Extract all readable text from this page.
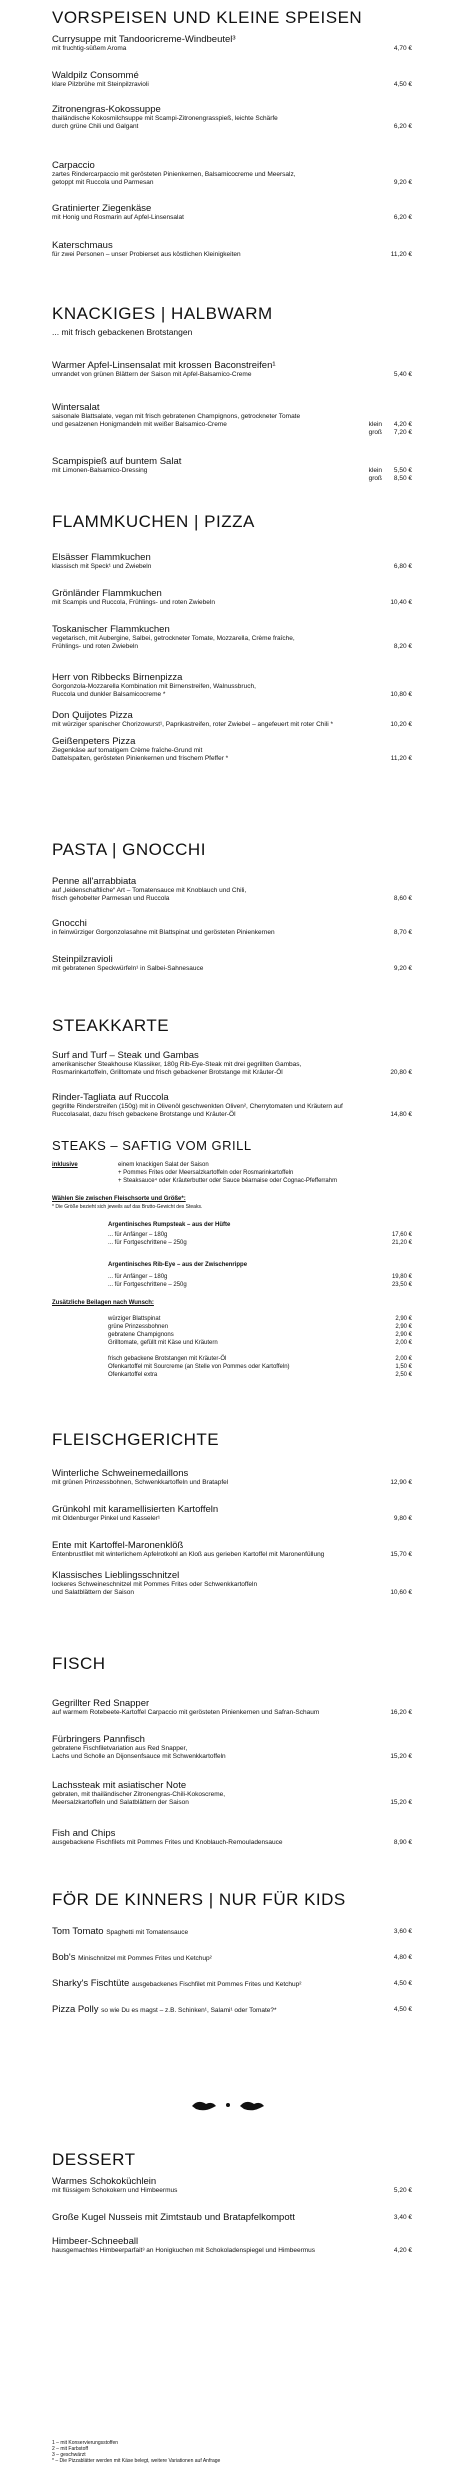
VORSPEISEN UND KLEINE SPEISEN
Currysuppe mit Tandooricreme-Windbeutel³
mit fruchtig-süßem Aroma	4,70 €
Waldpilz Consommé
klare Pilzbrühe mit Steinpilzravioli	4,50 €
Zitronengras-Kokossuppe
thailändische Kokosmilchsuppe mit Scampi-Zitronengrasspieß, leichte Schärfe
durch grüne Chili und Galgant	6,20 €
Carpaccio
zartes Rindercarpaccio mit gerösteten Pinienkernen, Balsamicocreme und Meersalz,
getoppt mit Ruccola und Parmesan	9,20 €
Gratinierter Ziegenkäse
mit Honig und Rosmarin auf Apfel-Linsensalat	6,20 €
Katerschmaus
für zwei Personen – unser Probierset aus köstlichen Kleinigkeiten	11,20 €
KNACKIGES | HALBWARM
... mit frisch gebackenen Brotstangen
Warmer Apfel-Linsensalat mit krossen Baconstreifen¹
umrandet von grünen Blättern der Saison mit Apfel-Balsamico-Creme	5,40 €
Wintersalat
saisonale Blattsalate, vegan mit frisch gebratenen Champignons, getrockneter Tomate
und gesalzenen Honigmandeln mit weißer Balsamico-Creme	klein 4,20 €
groß 7,20 €
Scampispieß auf buntem Salat
mit Limonen-Balsamico-Dressing	klein 5,50 €
groß 8,50 €
FLAMMKUCHEN | PIZZA
Elsässer Flammkuchen
klassisch mit Speck¹ und Zwiebeln	6,80 €
Grönländer Flammkuchen
mit Scampis und Ruccola, Frühlings- und roten Zwiebeln	10,40 €
Toskanischer Flammkuchen
vegetarisch, mit Aubergine, Salbei, getrockneter Tomate, Mozzarella, Crème fraîche,
Frühlings- und roten Zwiebeln	8,20 €
Herr von Ribbecks Birnenpizza
Gorgonzola-Mozzarella Kombination mit Birnenstreifen, Walnussbruch,
Ruccola und dunkler Balsamicocreme *	10,80 €
Don Quijotes Pizza
mit würziger spanischer Chorizowurst¹, Paprikastreifen, roter Zwiebel – angefeuert mit roter Chili *	10,20 €
Geißenpeters Pizza
Ziegenkäse auf tomatigem Crème fraîche-Grund mit
Dattelspalten, gerösteten Pinienkernen und frischem Pfeffer *	11,20 €
PASTA | GNOCCHI
Penne all'arrabbiata
auf „leidenschaftliche“ Art – Tomatensauce mit Knoblauch und Chili,
frisch gehobelter Parmesan und Ruccola	8,60 €
Gnocchi
in feinwürziger Gorgonzolasahne mit Blattspinat und gerösteten Pinienkernen	8,70 €
Steinpilzravioli
mit gebratenen Speckwürfeln¹ in Salbei-Sahnesauce	9,20 €
STEAKKARTE
Surf and Turf – Steak und Gambas
amerikanischer Steakhouse Klassiker, 180g Rib-Eye-Steak mit drei gegrillten Gambas,
Rosmarinkartoffeln, Grilltomate und frisch gebackener Brotstange mit Kräuter-Öl	20,80 €
Rinder-Tagliata auf Ruccola
gegrillte Rinderstreifen (150g) mit in Olivenöl geschwenkten Oliven², Cherrytomaten und Kräutern auf
Ruccolasalat, dazu frisch gebackene Brotstange und Kräuter-Öl	14,80 €
STEAKS – SAFTIG VOM GRILL
inklusive	einem knackigen Salat der Saison
+ Pommes Frites oder Meersalzkartoffeln oder Rosmarinkartoffeln
+ Steaksauce⁴ oder Kräuterbutter oder Sauce béarnaise oder Cognac-Pfefferrahm
Wählen Sie zwischen Fleischsorte und Größe*:
* Die Größe bezieht sich jeweils auf das Brutto-Gewicht des Steaks.
Argentinisches Rumpsteak – aus der Hüfte
... für Anfänger – 180g	17,60 €
... für Fortgeschrittene – 250g	21,20 €
Argentinisches Rib-Eye – aus der Zwischenrippe
... für Anfänger – 180g	19,80 €
... für Fortgeschrittene – 250g	23,50 €
Zusätzliche Beilagen nach Wunsch:
würziger Blattspinat	2,90 €
grüne Prinzessbohnen	2,90 €
gebratene Champignons	2,90 €
Grilltomate, gefüllt mit Käse und Kräutern	2,00 €
frisch gebackene Brotstangen mit Kräuter-Öl	2,00 €
Ofenkartoffel mit Sourcreme (an Stelle von Pommes oder Kartoffeln)	1,50 €
Ofenkartoffel extra	2,50 €
FLEISCHGERICHTE
Winterliche Schweinemedaillons
mit grünen Prinzessbohnen, Schwenkkartoffeln und Bratapfel	12,90 €
Grünkohl mit karamellisierten Kartoffeln
mit Oldenburger Pinkel und Kasseler¹	9,80 €
Ente mit Kartoffel-Maronenklöß
Entenbrustfilet mit winterlichem Apfelrotkohl an Kloß aus gerieben Kartoffel mit Maronenfüllung	15,70 €
Klassisches Lieblingsschnitzel
lockeres Schweineschnitzel mit Pommes Frites oder Schwenkkartoffeln
und Salatblättern der Saison	10,60 €
FISCH
Gegrillter Red Snapper
auf warmem Rotebeete-Kartoffel Carpaccio mit gerösteten Pinienkernen und Safran-Schaum	16,20 €
Fürbringers Pannfisch
gebratene Fischfiletvariation aus Red Snapper,
Lachs und Scholle an Dijonsenfsauce mit Schwenkkartoffeln	15,20 €
Lachssteak mit asiatischer Note
gebraten, mit thailändischer Zitronengras-Chili-Kokoscreme,
Meersalzkartoffeln und Salatblättern der Saison	15,20 €
Fish and Chips
ausgebackene Fischfilets mit Pommes Frites und Knoblauch-Remouladensauce	8,90 €
FÖR DE KINNERS | NUR FÜR KIDS
Tom Tomato Spaghetti mit Tomatensauce	3,60 €
Bob's Minischnitzel mit Pommes Frites und Ketchup²	4,80 €
Sharky's Fischtüte ausgebackenes Fischfilet mit Pommes Frites und Ketchup²	4,50 €
Pizza Polly so wie Du es magst – z.B. Schinken¹, Salami¹ oder Tomate?*	4,50 €
DESSERT
Warmes Schokoküchlein
mit flüssigem Schokokern und Himbeermus	5,20 €
Große Kugel Nusseis mit Zimtstaub und Bratapfelkompott	3,40 €
Himbeer-Schneeball
hausgemachtes Himbeerparfait³ an Honigkuchen mit Schokoladenspiegel und Himbeermus	4,20 €
1 – mit Konservierungsstoffen
2 – mit Farbstoff
3 – geschwärzt
* – Die Pizzablätter werden mit Käse belegt, weitere Variationen auf Anfrage
